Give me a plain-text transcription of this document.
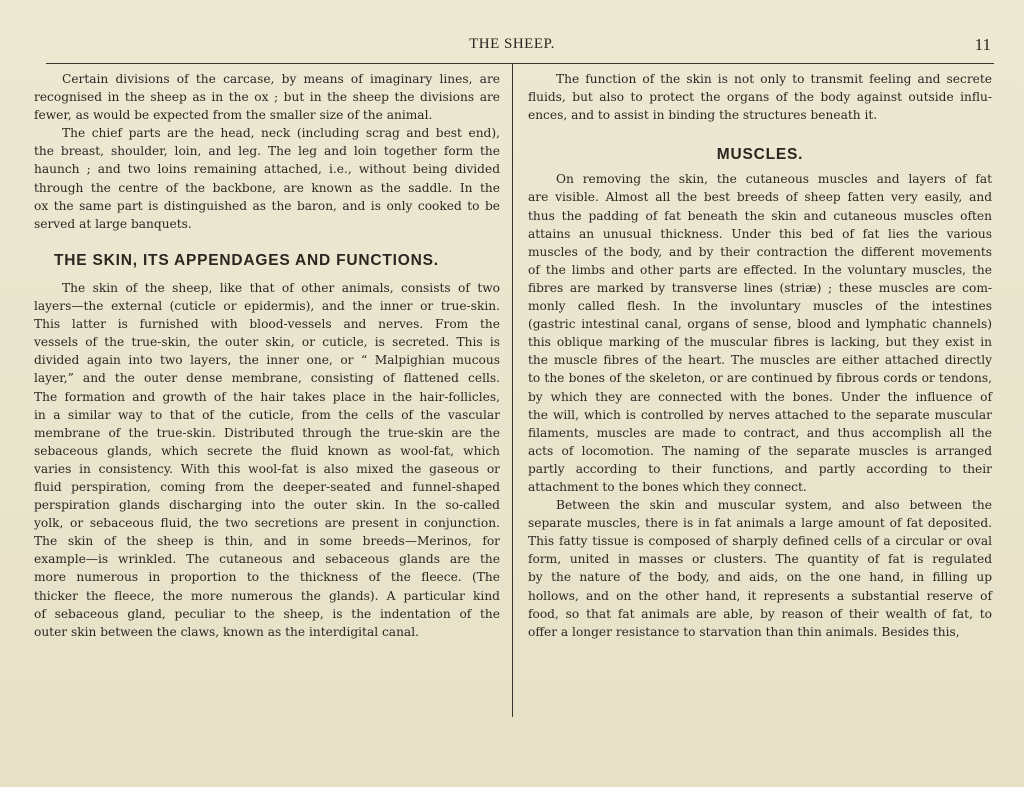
THE SHEEP.	11
Certain divisions of the carcase, by means of imaginary lines, are
recognised in the sheep as in the ox ; but in the sheep the divisions are
fewer, as would be expected from the smaller size of the animal.
The chief parts are the head, neck (including scrag and best end),
the breast, shoulder, loin, and leg. The leg and loin together form the
haunch ; and two loins remaining attached, i.e., without being divided
through the centre of the backbone, are known as the saddle. In the
ox the same part is distinguished as the baron, and is only cooked to be
served at large banquets.
THE SKIN, ITS APPENDAGES AND FUNCTIONS.
The skin of the sheep, like that of other animals, consists of two
layers—the external (cuticle or epidermis), and the inner or true-skin.
This latter is furnished with blood-vessels and nerves. From the
vessels of the true-skin, the outer skin, or cuticle, is secreted. This is
divided again into two layers, the inner one, or “ Malpighian mucous
layer,” and the outer dense membrane, consisting of flattened cells.
The formation and growth of the hair takes place in the hair-follicles,
in a similar way to that of the cuticle, from the cells of the vascular
membrane of the true-skin. Distributed through the true-skin are the
sebaceous glands, which secrete the fluid known as wool-fat, which
varies in consistency. With this wool-fat is also mixed the gaseous or
fluid perspiration, coming from the deeper-seated and funnel-shaped
perspiration glands discharging into the outer skin. In the so-called
yolk, or sebaceous fluid, the two secretions are present in conjunction.
The skin of the sheep is thin, and in some breeds—Merinos, for
example—is wrinkled. The cutaneous and sebaceous glands are the
more numerous in proportion to the thickness of the fleece. (The
thicker the fleece, the more numerous the glands). A particular kind
of sebaceous gland, peculiar to the sheep, is the indentation of the
outer skin between the claws, known as the interdigital canal.
The function of the skin is not only to transmit feeling and secrete
fluids, but also to protect the organs of the body against outside influ-
ences, and to assist in binding the structures beneath it.
MUSCLES.
On removing the skin, the cutaneous muscles and layers of fat
are visible. Almost all the best breeds of sheep fatten very easily, and
thus the padding of fat beneath the skin and cutaneous muscles often
attains an unusual thickness. Under this bed of fat lies the various
muscles of the body, and by their contraction the different movements
of the limbs and other parts are effected. In the voluntary muscles, the
fibres are marked by transverse lines (striæ) ; these muscles are com-
monly called flesh. In the involuntary muscles of the intestines
(gastric intestinal canal, organs of sense, blood and lymphatic channels)
this oblique marking of the muscular fibres is lacking, but they exist in
the muscle fibres of the heart. The muscles are either attached directly
to the bones of the skeleton, or are continued by fibrous cords or tendons,
by which they are connected with the bones. Under the influence of
the will, which is controlled by nerves attached to the separate muscular
filaments, muscles are made to contract, and thus accomplish all the
acts of locomotion. The naming of the separate muscles is arranged
partly according to their functions, and partly according to their
attachment to the bones which they connect.
Between the skin and muscular system, and also between the
separate muscles, there is in fat animals a large amount of fat deposited.
This fatty tissue is composed of sharply defined cells of a circular or oval
form, united in masses or clusters. The quantity of fat is regulated
by the nature of the body, and aids, on the one hand, in filling up
hollows, and on the other hand, it represents a substantial reserve of
food, so that fat animals are able, by reason of their wealth of fat, to
offer a longer resistance to starvation than thin animals. Besides this,
